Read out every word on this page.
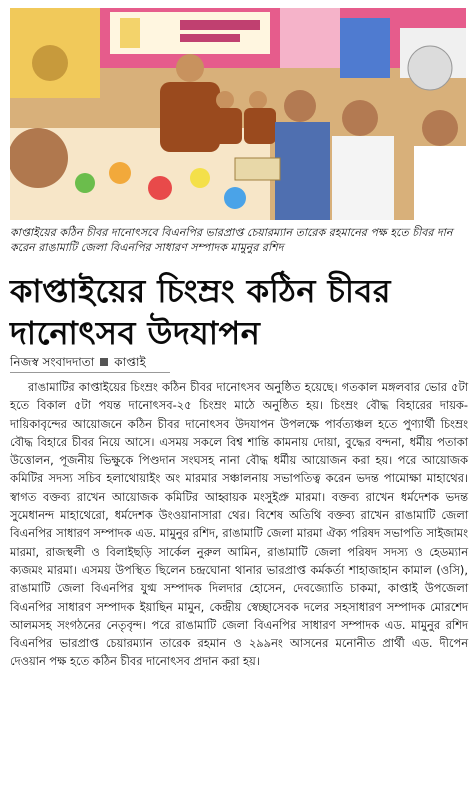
কাপ্তাইয়ের কঠিন চীবর দানোৎসবে বিএনপির ভারপ্রাপ্ত চেয়ারম্যান তারেক রহমানের পক্ষ হতে চীবর দান করেন রাঙামাটি জেলা বিএনপির সাধারণ সম্পাদক মামুনুর রশিদ
কাপ্তাইয়ের চিংম্রং কঠিন চীবর দানোৎসব উদযাপন
নিজস্ব সংবাদদাতা কাপ্তাই

রাঙামাটির কাপ্তাইয়ের চিংম্রং কঠিন চীবর দানোৎসব অনুষ্ঠিত হয়েছে। গতকাল মঙ্গলবার ভোর ৫টা হতে বিকাল ৫টা পযন্ত দানোৎসব-২৫ চিংম্রং মাঠে অনুষ্ঠিত হয়। চিংম্রং বৌদ্ধ বিহারের দায়ক-দায়িকাবৃন্দের আয়োজনে কঠিন চীবর দানোৎসব উদযাপন উপলক্ষে পার্বত্যঞ্চল হতে পুণ্যার্থী চিংম্রং বৌদ্ধ বিহারে চীবর নিয়ে আসে। এসময় সকলে বিশ্ব শান্তি কামনায় দোয়া, বুদ্ধের বন্দনা, ধর্মীয় পতাকা উত্তোলন, পূজনীয় ভিক্ষুকে পিণ্ডদান সংঘসহ নানা বৌদ্ধ ধর্মীয় আয়োজন করা হয়। পরে আয়োজক কমিটির সদস্য সচিব হলাথোয়াইং অং মারমার সঞ্চালনায় সভাপতিত্ব করেন ভদন্ত পামোক্ষা মাহাথের। স্বাগত বক্তব্য রাখেন আয়োজক কমিটির আহ্বায়ক মংসুইপ্রু মারমা। বক্তব্য রাখেন ধর্মদেশক ভদন্ত সুমেধানন্দ মাহাথেরো, ধর্মদেশক উংওয়ানাসারা থের। বিশেষ অতিথি বক্তব্য রাখেন রাঙামাটি জেলা বিএনপির সাধারণ সম্পাদক এড. মামুনুর রশিদ, রাঙামাটি জেলা মারমা ঐক্য পরিষদ সভাপতি সাইজামং মারমা, রাজস্থলী ও বিলাইছড়ি সার্কেল নুরুল আমিন, রাঙামাটি জেলা পরিষদ সদস্য ও হেডম্যান ক্যজমং মারমা। এসময় উপস্থিত ছিলেন চন্দ্রঘোনা থানার ভারপ্রাপ্ত কর্মকর্তা শাহাজাহান কামাল (ওসি), রাঙামাটি জেলা বিএনপির যুগ্ম সম্পাদক দিলদার হোসেন, দেবজ্যোতি চাকমা, কাপ্তাই উপজেলা বিএনপির সাধারণ সম্পাদক ইয়াছিন মামুন, কেন্দ্রীয় স্বেচ্ছাসেবক দলের সহসাধারণ সম্পাদক মোরশেদ আলমসহ সংগঠনের নেতৃবৃন্দ। পরে রাঙামাটি জেলা বিএনপির সাধারণ সম্পাদক এড. মামুনুর রশিদ বিএনপির ভারপ্রাপ্ত চেয়ারম্যান তারেক রহমান ও ২৯৯নং আসনের মনোনীত প্রার্থী এড. দীপেন দেওয়ান পক্ষ হতে কঠিন চীবর দানোৎসব প্রদান করা হয়।
